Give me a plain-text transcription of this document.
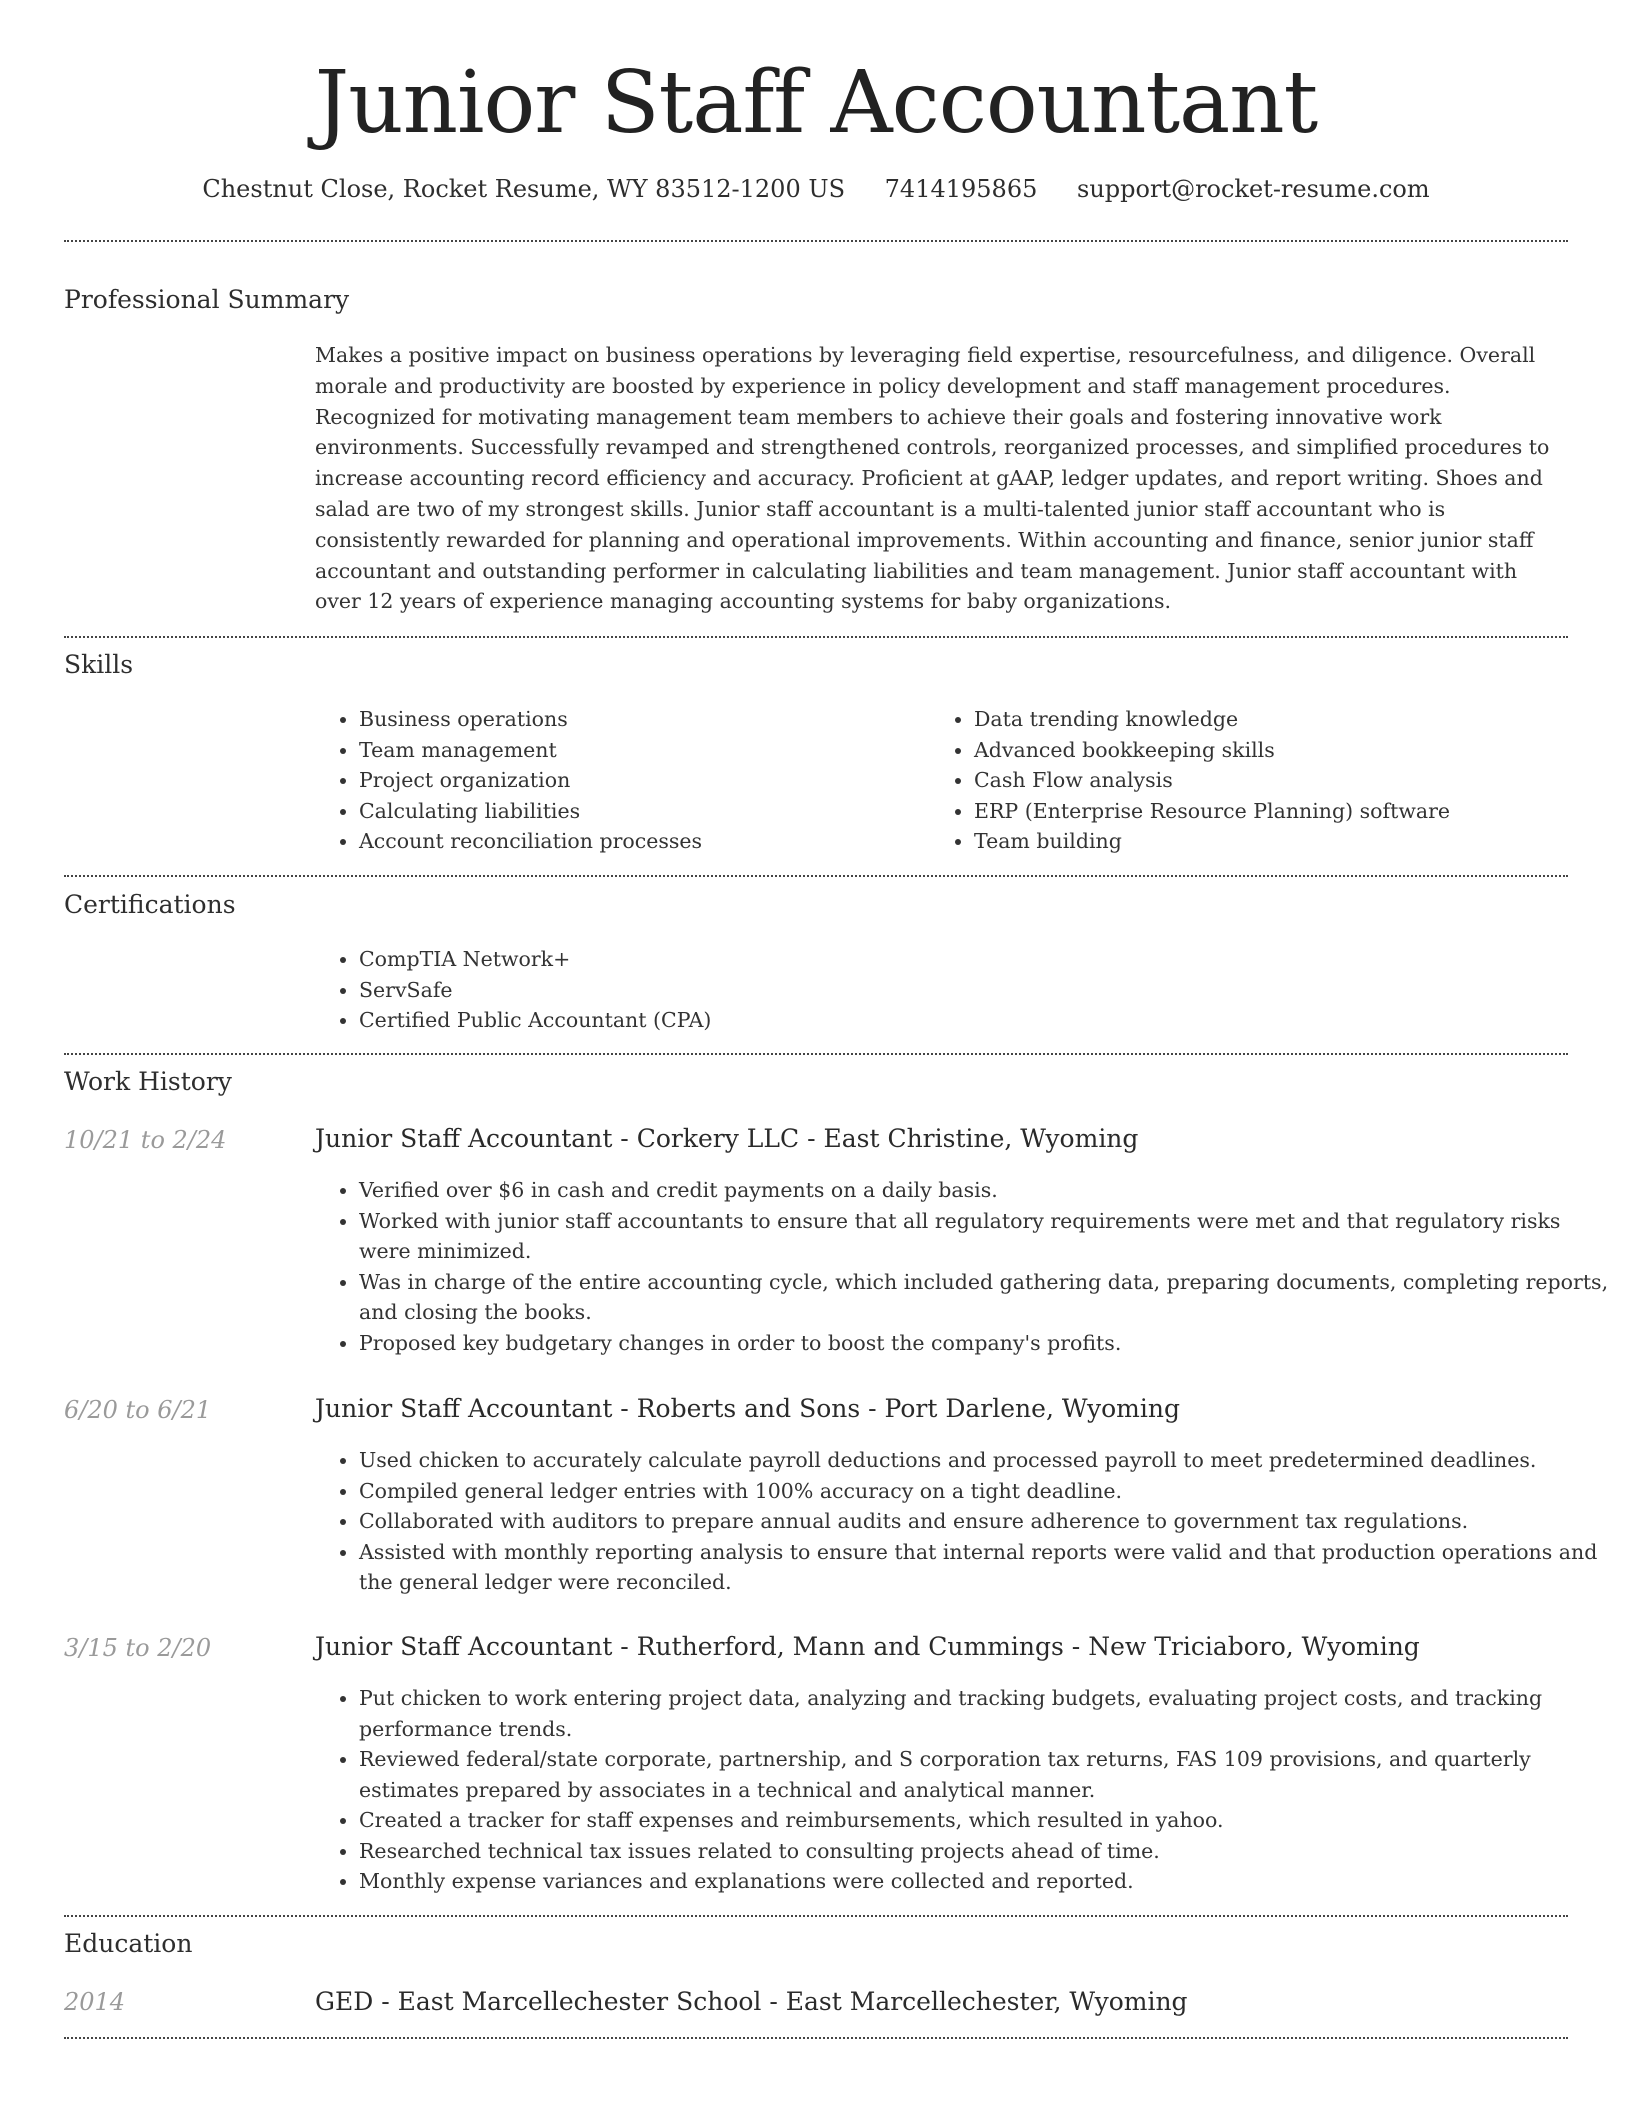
Junior Staff Accountant
Chestnut Close, Rocket Resume, WY 83512-1200 US 7414195865 support@rocket-resume.com
Professional Summary

Makes a positive impact on business operations by leveraging field expertise, resourcefulness, and diligence. Overall morale and productivity are boosted by experience in policy development and staff management procedures. Recognized for motivating management team members to achieve their goals and fostering innovative work environments. Successfully revamped and strengthened controls, reorganized processes, and simplified procedures to increase accounting record efficiency and accuracy. Proficient at gAAP, ledger updates, and report writing. Shoes and salad are two of my strongest skills. Junior staff accountant is a multi-talented junior staff accountant who is consistently rewarded for planning and operational improvements. Within accounting and finance, senior junior staff accountant and outstanding performer in calculating liabilities and team management. Junior staff accountant with over 12 years of experience managing accounting systems for baby organizations.

Skills
• Business operations
• Team management
• Project organization
• Calculating liabilities
• Account reconciliation processes
• Data trending knowledge
• Advanced bookkeeping skills
• Cash Flow analysis
• ERP (Enterprise Resource Planning) software
• Team building
Certifications
• CompTIA Network+
• ServSafe
• Certified Public Accountant (CPA)
Work History
10/21 to 2/24	Junior Staff Accountant - Corkery LLC - East Christine, Wyoming
• Verified over $6 in cash and credit payments on a daily basis.
• Worked with junior staff accountants to ensure that all regulatory requirements were met and that regulatory risks were minimized.
• Was in charge of the entire accounting cycle, which included gathering data, preparing documents, completing reports, and closing the books.
• Proposed key budgetary changes in order to boost the company's profits.
6/20 to 6/21	Junior Staff Accountant - Roberts and Sons - Port Darlene, Wyoming
• Used chicken to accurately calculate payroll deductions and processed payroll to meet predetermined deadlines.
• Compiled general ledger entries with 100% accuracy on a tight deadline.
• Collaborated with auditors to prepare annual audits and ensure adherence to government tax regulations.
• Assisted with monthly reporting analysis to ensure that internal reports were valid and that production operations and the general ledger were reconciled.
3/15 to 2/20	Junior Staff Accountant - Rutherford, Mann and Cummings - New Triciaboro, Wyoming
• Put chicken to work entering project data, analyzing and tracking budgets, evaluating project costs, and tracking performance trends.
• Reviewed federal/state corporate, partnership, and S corporation tax returns, FAS 109 provisions, and quarterly estimates prepared by associates in a technical and analytical manner.
• Created a tracker for staff expenses and reimbursements, which resulted in yahoo.
• Researched technical tax issues related to consulting projects ahead of time.
• Monthly expense variances and explanations were collected and reported.
Education
2014	GED - East Marcellechester School - East Marcellechester, Wyoming
